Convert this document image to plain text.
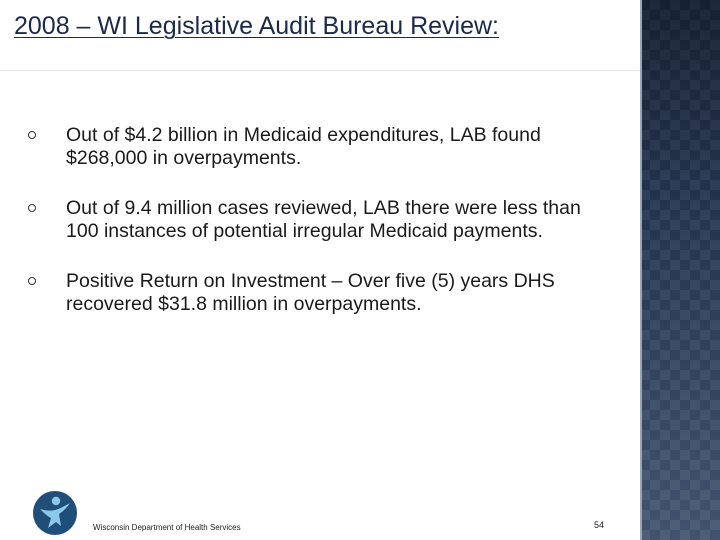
2008 – WI Legislative Audit Bureau Review:
Out of $4.2 billion in Medicaid expenditures, LAB found $268,000 in overpayments.
Out of 9.4 million cases reviewed, LAB there were less than 100 instances of potential irregular Medicaid payments.
Positive Return on Investment – Over five (5) years DHS recovered $31.8 million in overpayments.
Wisconsin Department of Health Services	54
